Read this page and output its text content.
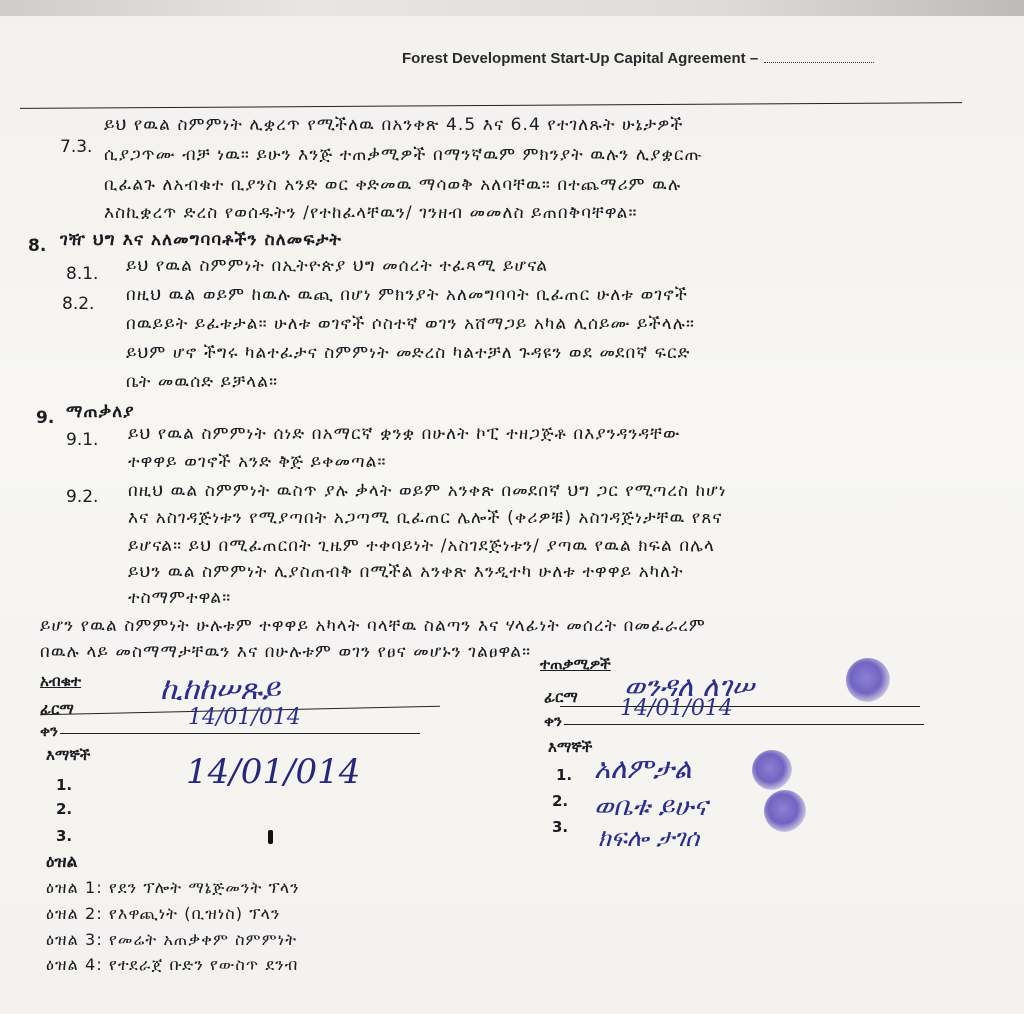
Forest Development Start-Up Capital Agreement –
7.3.
ይህ የዉል ስምምነት ሊቋረጥ የሚችለዉ በአንቀጽ 4.5 እና 6.4 የተገለጹት ሁኔታዎች
ሲያጋጥሙ ብቻ ነዉ። ይሁን እንጅ ተጠቃሚዎች በማንኛዉም ምክንያት ዉሉን ሊያቋርጡ
ቢፈልጉ ለአብቁተ ቢያንስ አንድ ወር ቀድመዉ ማሳወቅ አለባቸዉ። በተጨማሪም ዉሉ
እስኪቋረጥ ድረስ የወሰዱትን /የተከፈላቸዉን/ ገንዘብ መመለስ ይጠበቅባቸዋል።
8. ገዥ ህግ እና አለመግባባቶችን ስለመፍታት
8.1. ይህ የዉል ስምምነት በኢትዮጵያ ህግ መሰረት ተፈጻሚ ይሆናል
8.2. በዚህ ዉል ወይም ከዉሉ ዉጪ በሆነ ምክንያት አለመግባባት ቢፈጠር ሁለቱ ወገኖች
በዉይይት ይፈቱታል። ሁለቱ ወገኖች ሶስተኛ ወገን አሸማጋይ አካል ሊሰይሙ ይችላሉ።
ይህም ሆኖ ችግሩ ካልተፈታና ስምምነት መድረስ ካልተቻለ ጉዳዩን ወደ መደበኛ ፍርድ
ቤት መዉሰድ ይቻላል።
9. ማጠቃለያ
9.1. ይህ የዉል ስምምነት ሰነድ በአማርኛ ቋንቋ በሁለት ኮፒ ተዘጋጅቶ በእያንዳንዳቸው
ተዋዋይ ወገኖች አንድ ቅጅ ይቀመጣል።
9.2. በዚህ ዉል ስምምነት ዉስጥ ያሉ ቃላት ወይም አንቀጽ በመደበኛ ህግ ጋር የሚጣረስ ከሆነ
እና አስገዳጅነቱን የሚያጣበት አጋጣሚ ቢፈጠር ሌሎች (ቀሪዎቹ) አስገዳጅነታቸዉ የጸና
ይሆናል። ይህ በሚፈጠርበት ጊዜም ተቀባይነት /አስገደጅነቱን/ ያጣዉ የዉል ክፍል በሌላ
ይህን ዉል ስምምነት ሊያስጠብቅ በሚችል አንቀጽ እንዲተካ ሁለቱ ተዋዋይ አካለት
ተስማምተዋል።
ይሆን የዉል ስምምነት ሁሉቱም ተዋዋይ አካላት ባላቸዉ ስልጣን እና ሃላፊነት መሰረት በመፈራረም
በዉሉ ላይ መስማማታቸዉን እና በሁሉቱም ወገን የፀና መሆኑን ገልፀዋል።
አብቁተ
ፊርማ
ኪከከሠጹይ
ቀን
14/01/014
እማኞች	14/01/014
1.
2.
3.
ተጠቃሚዎች
ፊርማ ወንዳለ ለገሠ
ቀን	14/01/014
እማኞች
1. አለምታል
2. ወቤቱ ይሁና
3. ክፍሎ ታገሰ
ዕዝል
ዕዝል 1: የደን ፕሎት ማኔጅመንት ፕላን
ዕዝል 2: የእዋጪነት (ቢዝነስ) ፕላን
ዕዝል 3: የመሬት አጠቃቀም ስምምነት
ዕዝል 4: የተደራጀ ቡድን የውስጥ ደንብ
